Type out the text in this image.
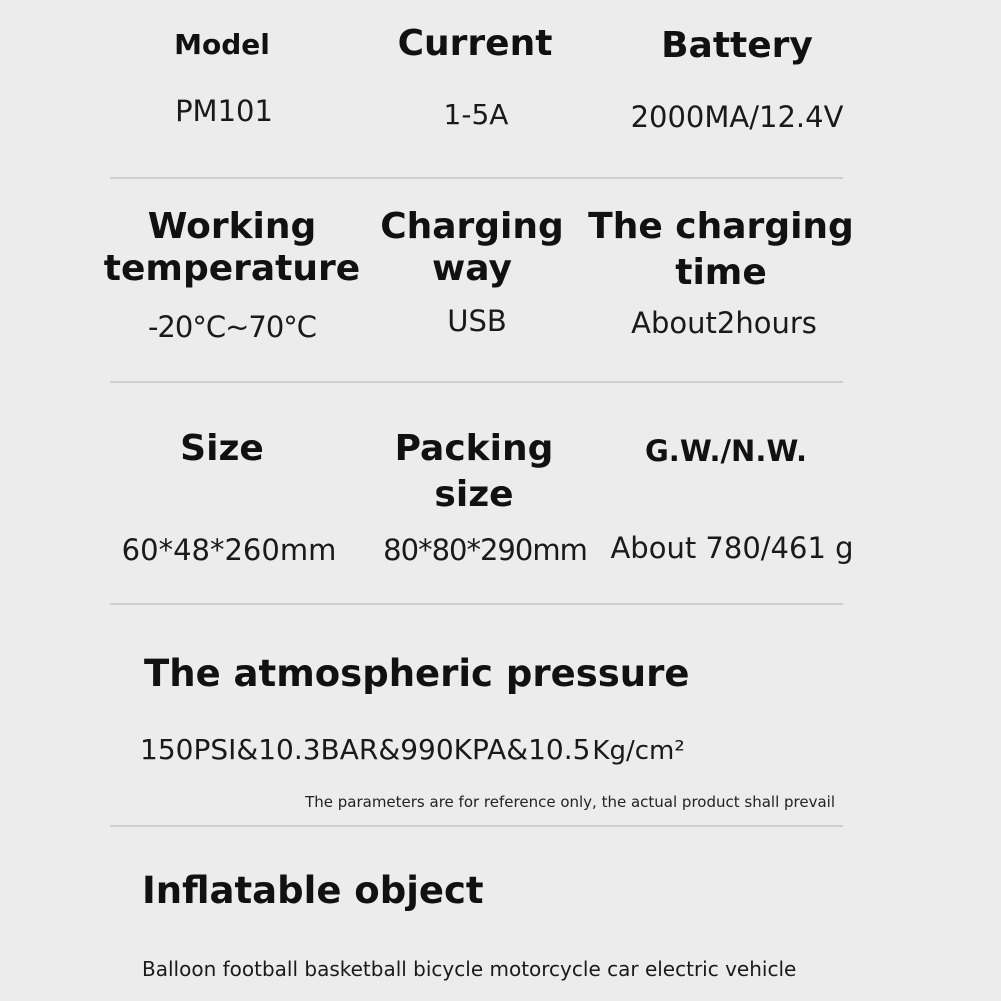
Model
PM101
Current
1-5A
Battery
2000MA/12.4V
Working
temperature
-20°C~70°C
Charging
way
USB
The charging
time
About2hours
Size
60*48*260mm
Packing
size
80*80*290mm
G.W./N.W.
About 780/461 g
The atmospheric pressure
150PSI&10.3BAR&990KPA&10.5Kg/cm²
The parameters are for reference only, the actual product shall prevail
Inflatable object
Balloon football basketball bicycle motorcycle car electric vehicle
